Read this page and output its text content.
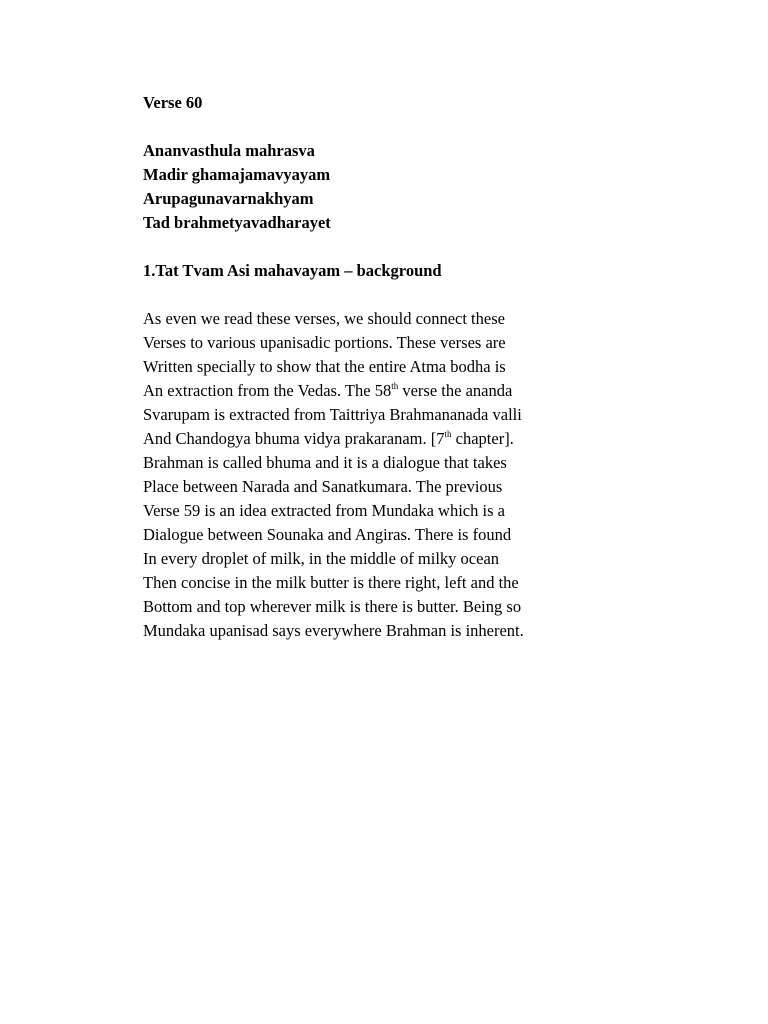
Verse 60
Ananvasthula mahrasva
Madir ghamajamavyayam
Arupagunavarnakhyam
Tad brahmetyavadharayet
1.Tat Tvam Asi mahavayam – background
As even we read these verses, we should connect these
Verses to various upanisadic portions. These verses are
Written specially to show that the entire Atma bodha is
An extraction from the Vedas. The 58th verse the ananda
Svarupam is extracted from Taittriya Brahmananada valli
And Chandogya bhuma vidya prakaranam. [7th chapter].
Brahman is called bhuma and it is a dialogue that takes
Place between Narada and Sanatkumara. The previous
Verse 59 is an idea extracted from Mundaka which is a
Dialogue between Sounaka and Angiras. There is found
In every droplet of milk, in the middle of milky ocean
Then concise in the milk butter is there right, left and the
Bottom and top wherever milk is there is butter. Being so
Mundaka upanisad says everywhere Brahman is inherent.
